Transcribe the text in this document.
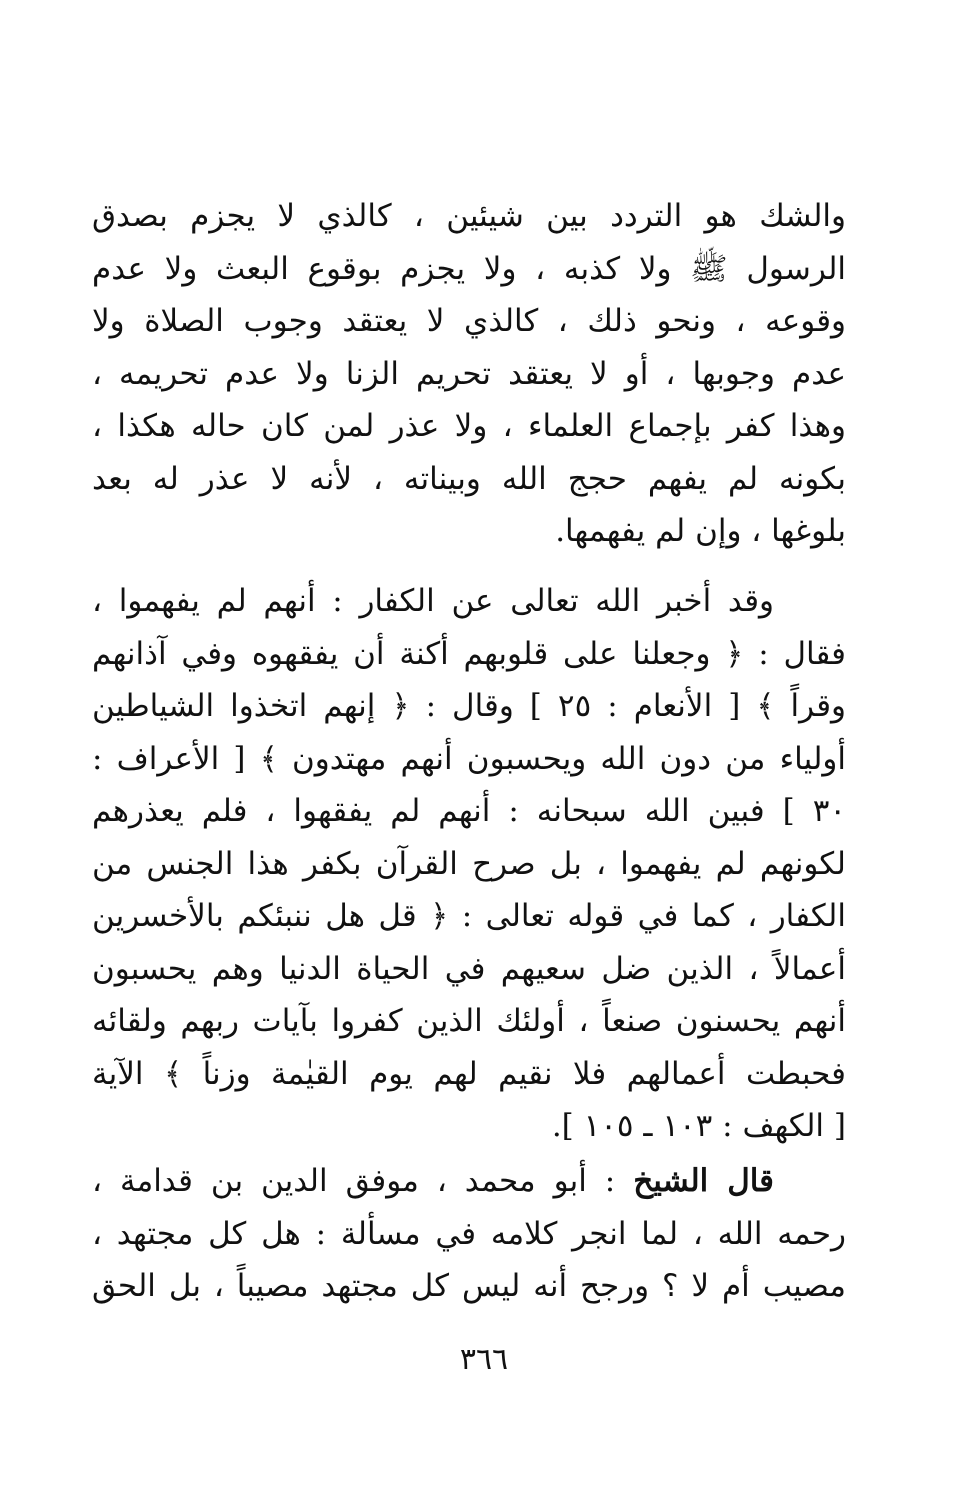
والشك هو التردد بين شيئين ، كالذي لا يجزم بصدق
الرسول ﷺ ولا كذبه ، ولا يجزم بوقوع البعث ولا عدم
وقوعه ، ونحو ذلك ، كالذي لا يعتقد وجوب الصلاة ولا
عدم وجوبها ، أو لا يعتقد تحريم الزنا ولا عدم تحريمه ،
وهذا كفر بإجماع العلماء ، ولا عذر لمن كان حاله هكذا ،
بكونه لم يفهم حجج الله وبيناته ، لأنه لا عذر له بعد
بلوغها ، وإن لم يفهمها.
وقد أخبر الله تعالى عن الكفار : أنهم لم يفهموا ،
فقال : ﴿ وجعلنا على قلوبهم أكنة أن يفقهوه وفي آذانهم
وقراً ﴾ [ الأنعام : ٢٥ ] وقال : ﴿ إنهم اتخذوا الشياطين
أولياء من دون الله ويحسبون أنهم مهتدون ﴾ [ الأعراف :
٣٠ ] فبين الله سبحانه : أنهم لم يفقهوا ، فلم يعذرهم
لكونهم لم يفهموا ، بل صرح القرآن بكفر هذا الجنس من
الكفار ، كما في قوله تعالى : ﴿ قل هل ننبئكم بالأخسرين
أعمالاً ، الذين ضل سعيهم في الحياة الدنيا وهم يحسبون
أنهم يحسنون صنعاً ، أولئك الذين كفروا بآيات ربهم ولقائه
فحبطت أعمالهم فلا نقيم لهم يوم القيٰمة وزناً ﴾ الآية
[ الكهف : ١٠٣ ـ ١٠٥ ].
قال الشيخ : أبو محمد ، موفق الدين بن قدامة ،
رحمه الله ، لما انجر كلامه في مسألة : هل كل مجتهد ،
مصيب أم لا ؟ ورجح أنه ليس كل مجتهد مصيباً ، بل الحق
٣٦٦
